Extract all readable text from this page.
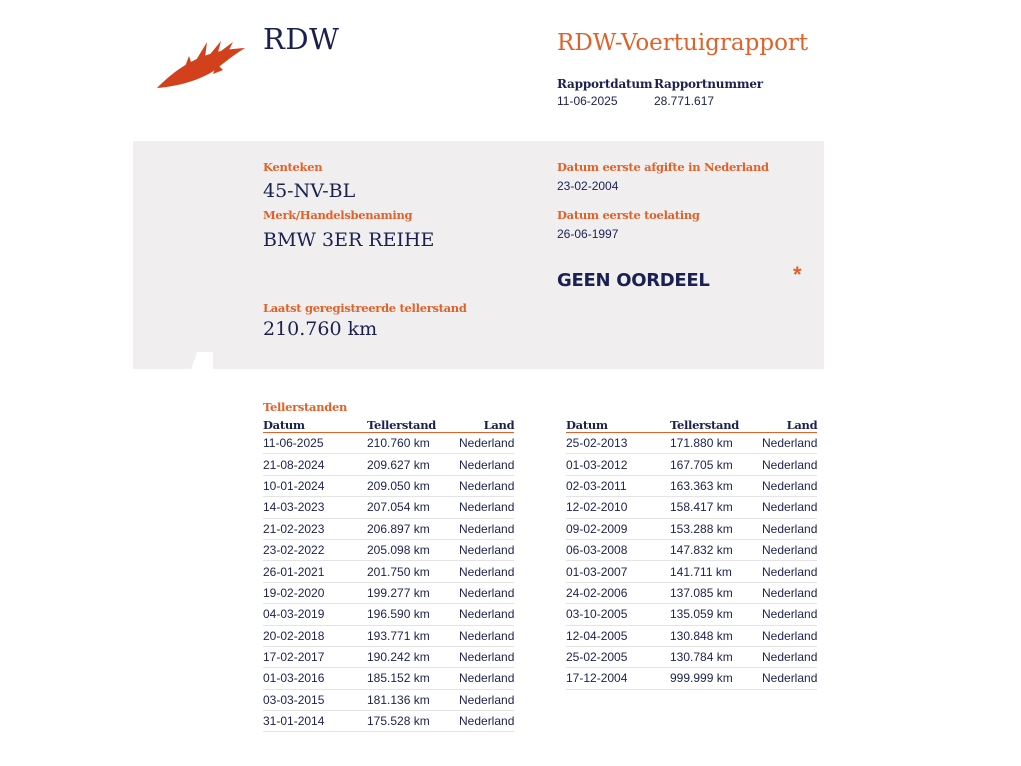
RDW	RDW-Voertuigrapport
Rapportdatum
11-06-2025
Rapportnummer
28.771.617
Kenteken
45-NV-BL
Merk/Handelsbenaming
BMW 3ER REIHE
Datum eerste afgifte in Nederland
23-02-2004
Datum eerste toelating
26-06-1997
GEEN OORDEEL	*
Laatst geregistreerde tellerstand
210.760 km
Tellerstanden
Datum	Tellerstand	Land
11-06-2025	210.760 km	Nederland
21-08-2024	209.627 km	Nederland
10-01-2024	209.050 km	Nederland
14-03-2023	207.054 km	Nederland
21-02-2023	206.897 km	Nederland
23-02-2022	205.098 km	Nederland
26-01-2021	201.750 km	Nederland
19-02-2020	199.277 km	Nederland
04-03-2019	196.590 km	Nederland
20-02-2018	193.771 km	Nederland
17-02-2017	190.242 km	Nederland
01-03-2016	185.152 km	Nederland
03-03-2015	181.136 km	Nederland
31-01-2014	175.528 km	Nederland
Datum	Tellerstand	Land
25-02-2013	171.880 km	Nederland
01-03-2012	167.705 km	Nederland
02-03-2011	163.363 km	Nederland
12-02-2010	158.417 km	Nederland
09-02-2009	153.288 km	Nederland
06-03-2008	147.832 km	Nederland
01-03-2007	141.711 km	Nederland
24-02-2006	137.085 km	Nederland
03-10-2005	135.059 km	Nederland
12-04-2005	130.848 km	Nederland
25-02-2005	130.784 km	Nederland
17-12-2004	999.999 km	Nederland
